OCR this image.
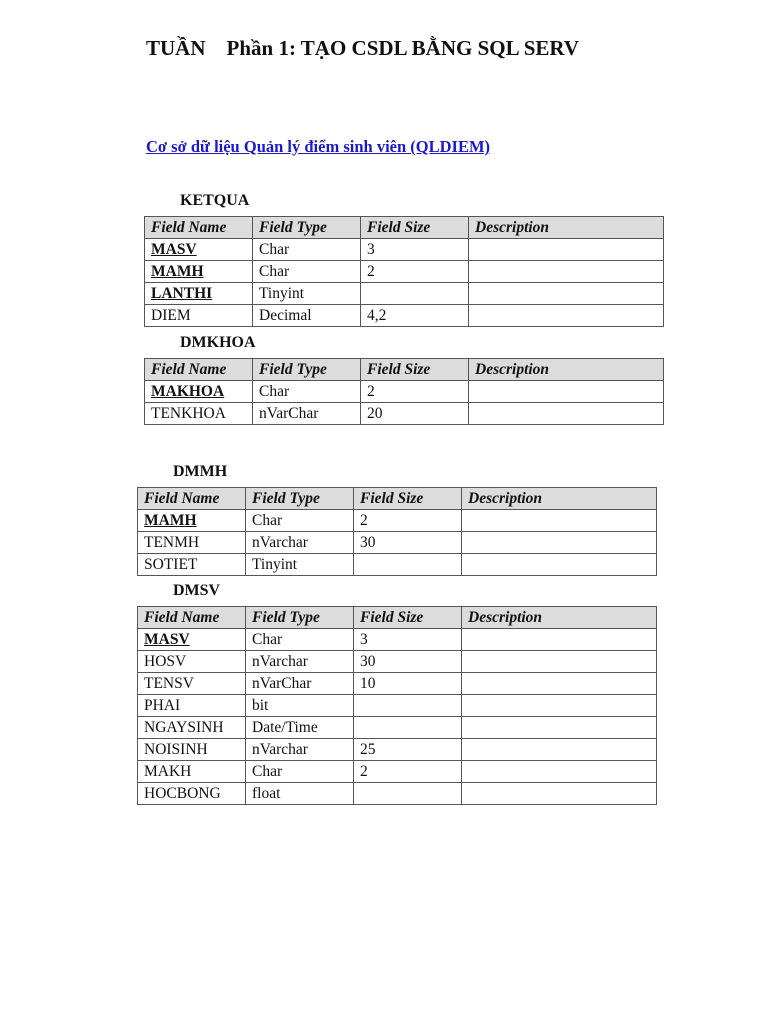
TUẦN    Phần 1: TẠO CSDL BẰNG SQL SERV
Cơ sở dữ liệu Quản lý điểm sinh viên (QLDIEM)
KETQUA
Field Name	Field Type	Field Size	Description
MASV	Char	3	
MAMH	Char	2	
LANTHI	Tinyint		
DIEM	Decimal	4,2	
DMKHOA
Field Name	Field Type	Field Size	Description
MAKHOA	Char	2	
TENKHOA	nVarChar	20	
DMMH
Field Name	Field Type	Field Size	Description
MAMH	Char	2	
TENMH	nVarchar	30	
SOTIET	Tinyint		
DMSV
Field Name	Field Type	Field Size	Description
MASV	Char	3	
HOSV	nVarchar	30	
TENSV	nVarChar	10	
PHAI	bit		
NGAYSINH	Date/Time		
NOISINH	nVarchar	25	
MAKH	Char	2	
HOCBONG	float		
